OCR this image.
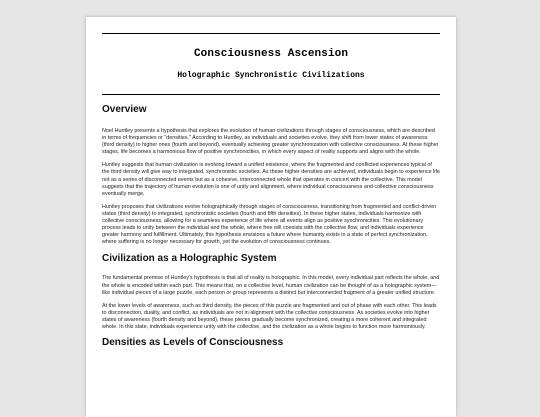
Consciousness Ascension
Holographic Synchronistic Civilizations
Overview

Noel Huntley presents a hypothesis that explores the evolution of human civilizations through stages of consciousness, which are described in terms of frequencies or "densities." According to Huntley, as individuals and societies evolve, they shift from lower states of awareness (third density) to higher ones (fourth and beyond), eventually achieving greater synchronization with collective consciousness. At these higher stages, life becomes a harmonious flow of positive synchronicities, in which every aspect of reality supports and aligns with the whole.

Huntley suggests that human civilization is evolving toward a unified existence, where the fragmented and conflicted experiences typical of the third density will give way to integrated, synchronistic societies. As these higher densities are achieved, individuals begin to experience life not as a series of disconnected events but as a cohesive, interconnected whole that operates in concert with the collective. This model suggests that the trajectory of human evolution is one of unity and alignment, where individual consciousness and collective consciousness eventually merge.

Huntley proposes that civilizations evolve holographically through stages of consciousness, transitioning from fragmented and conflict-driven states (third density) to integrated, synchronistic societies (fourth and fifth densities). In these higher states, individuals harmonize with collective consciousness, allowing for a seamless experience of life where all events align as positive synchronicities. This evolutionary process leads to unity between the individual and the whole, where free will coexists with the collective flow, and individuals experience greater harmony and fulfillment. Ultimately, this hypothesis envisions a future where humanity exists in a state of perfect synchronization, where suffering is no longer necessary for growth, yet the evolution of consciousness continues.

Civilization as a Holographic System

The fundamental premise of Huntley's hypothesis is that all of reality is holographic. In this model, every individual part reflects the whole, and the whole is encoded within each part. This means that, on a collective level, human civilization can be thought of as a holographic system—like individual pieces of a large puzzle, each person or group represents a distinct but interconnected fragment of a greater unified structure.

At the lower levels of awareness, such as third density, the pieces of this puzzle are fragmented and out of phase with each other. This leads to disconnection, duality, and conflict, as individuals are not in alignment with the collective consciousness. As societies evolve into higher states of awareness (fourth density and beyond), these pieces gradually become synchronized, creating a more coherent and integrated whole. In this state, individuals experience unity with the collective, and the civilization as a whole begins to function more harmoniously.

Densities as Levels of Consciousness
